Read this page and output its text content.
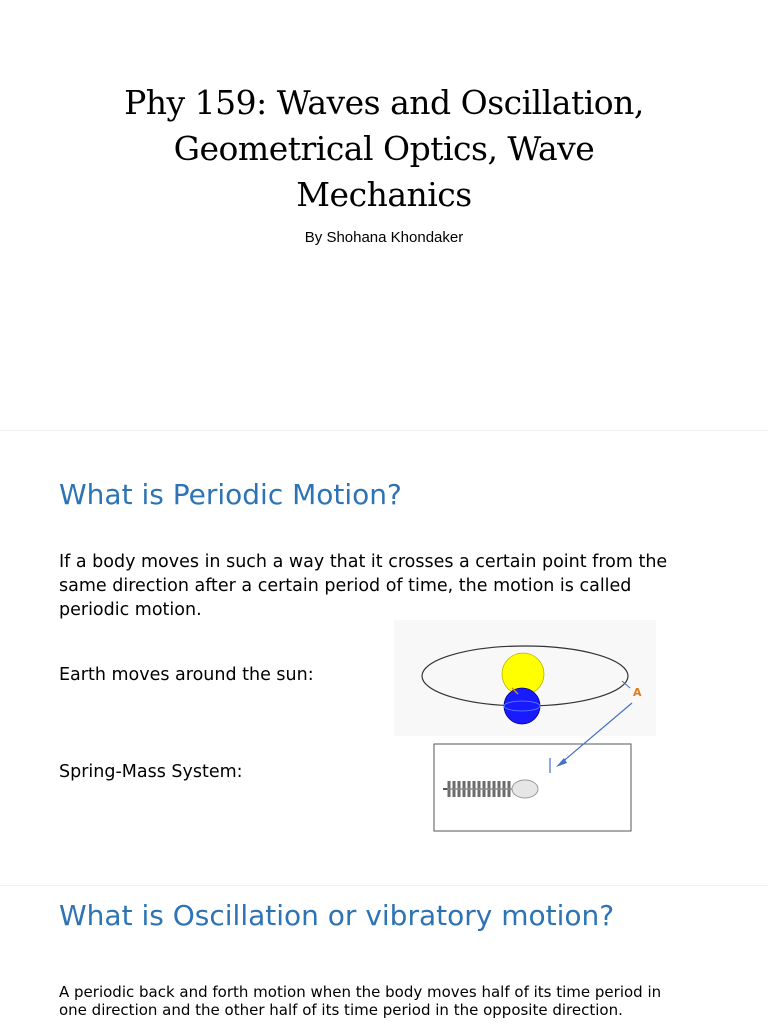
Phy 159: Waves and Oscillation,
Geometrical Optics, Wave
Mechanics
By Shohana Khondaker
What is Periodic Motion?
If a body moves in such a way that it crosses a certain point from the
same direction after a certain period of time, the motion is called
periodic motion.
Earth moves around the sun:
Spring-Mass System:
A
What is Oscillation or vibratory motion?
A periodic back and forth motion when the body moves half of its time period in
one direction and the other half of its time period in the opposite direction.
